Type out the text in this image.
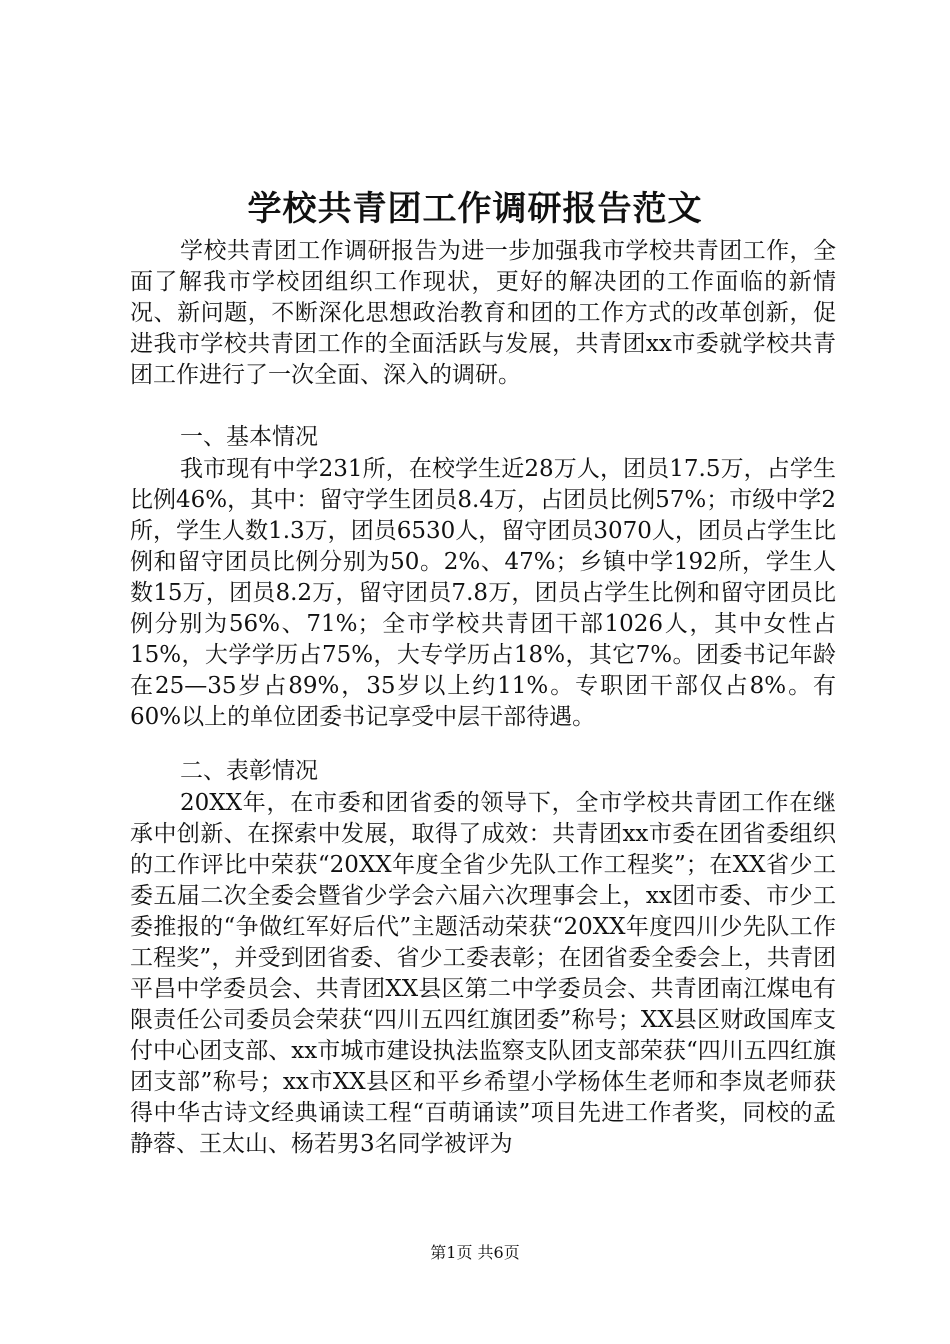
学校共青团工作调研报告范文

学校共青团工作调研报告为进一步加强我市学校共青团工作，全面了解我市学校团组织工作现状，更好的解决团的工作面临的新情况、新问题，不断深化思想政治教育和团的工作方式的改革创新，促进我市学校共青团工作的全面活跃与发展，共青团xx市委就学校共青团工作进行了一次全面、深入的调研。

一、基本情况

我市现有中学231所，在校学生近28万人，团员17.5万，占学生比例46%，其中：留守学生团员8.4万，占团员比例57%；市级中学2所，学生人数1.3万，团员6530人，留守团员3070人，团员占学生比例和留守团员比例分别为50。2%、47%；乡镇中学192所，学生人数15万，团员8.2万，留守团员7.8万，团员占学生比例和留守团员比例分别为56%、71%；全市学校共青团干部1026人，其中女性占15%，大学学历占75%，大专学历占18%，其它7%。团委书记年龄在25—35岁占89%，35岁以上约11%。专职团干部仅占8%。有60%以上的单位团委书记享受中层干部待遇。

二、表彰情况

20XX年，在市委和团省委的领导下，全市学校共青团工作在继承中创新、在探索中发展，取得了成效：共青团xx市委在团省委组织的工作评比中荣获“20XX年度全省少先队工作工程奖”；在XX省少工委五届二次全委会暨省少学会六届六次理事会上，xx团市委、市少工委推报的“争做红军好后代”主题活动荣获“20XX年度四川少先队工作工程奖”，并受到团省委、省少工委表彰；在团省委全委会上，共青团平昌中学委员会、共青团XX县区第二中学委员会、共青团南江煤电有限责任公司委员会荣获“四川五四红旗团委”称号；XX县区财政国库支付中心团支部、xx市城市建设执法监察支队团支部荣获“四川五四红旗团支部”称号；xx市XX县区和平乡希望小学杨体生老师和李岚老师获得中华古诗文经典诵读工程“百萌诵读”项目先进工作者奖，同校的孟静蓉、王太山、杨若男3名同学被评为

第1页 共6页
